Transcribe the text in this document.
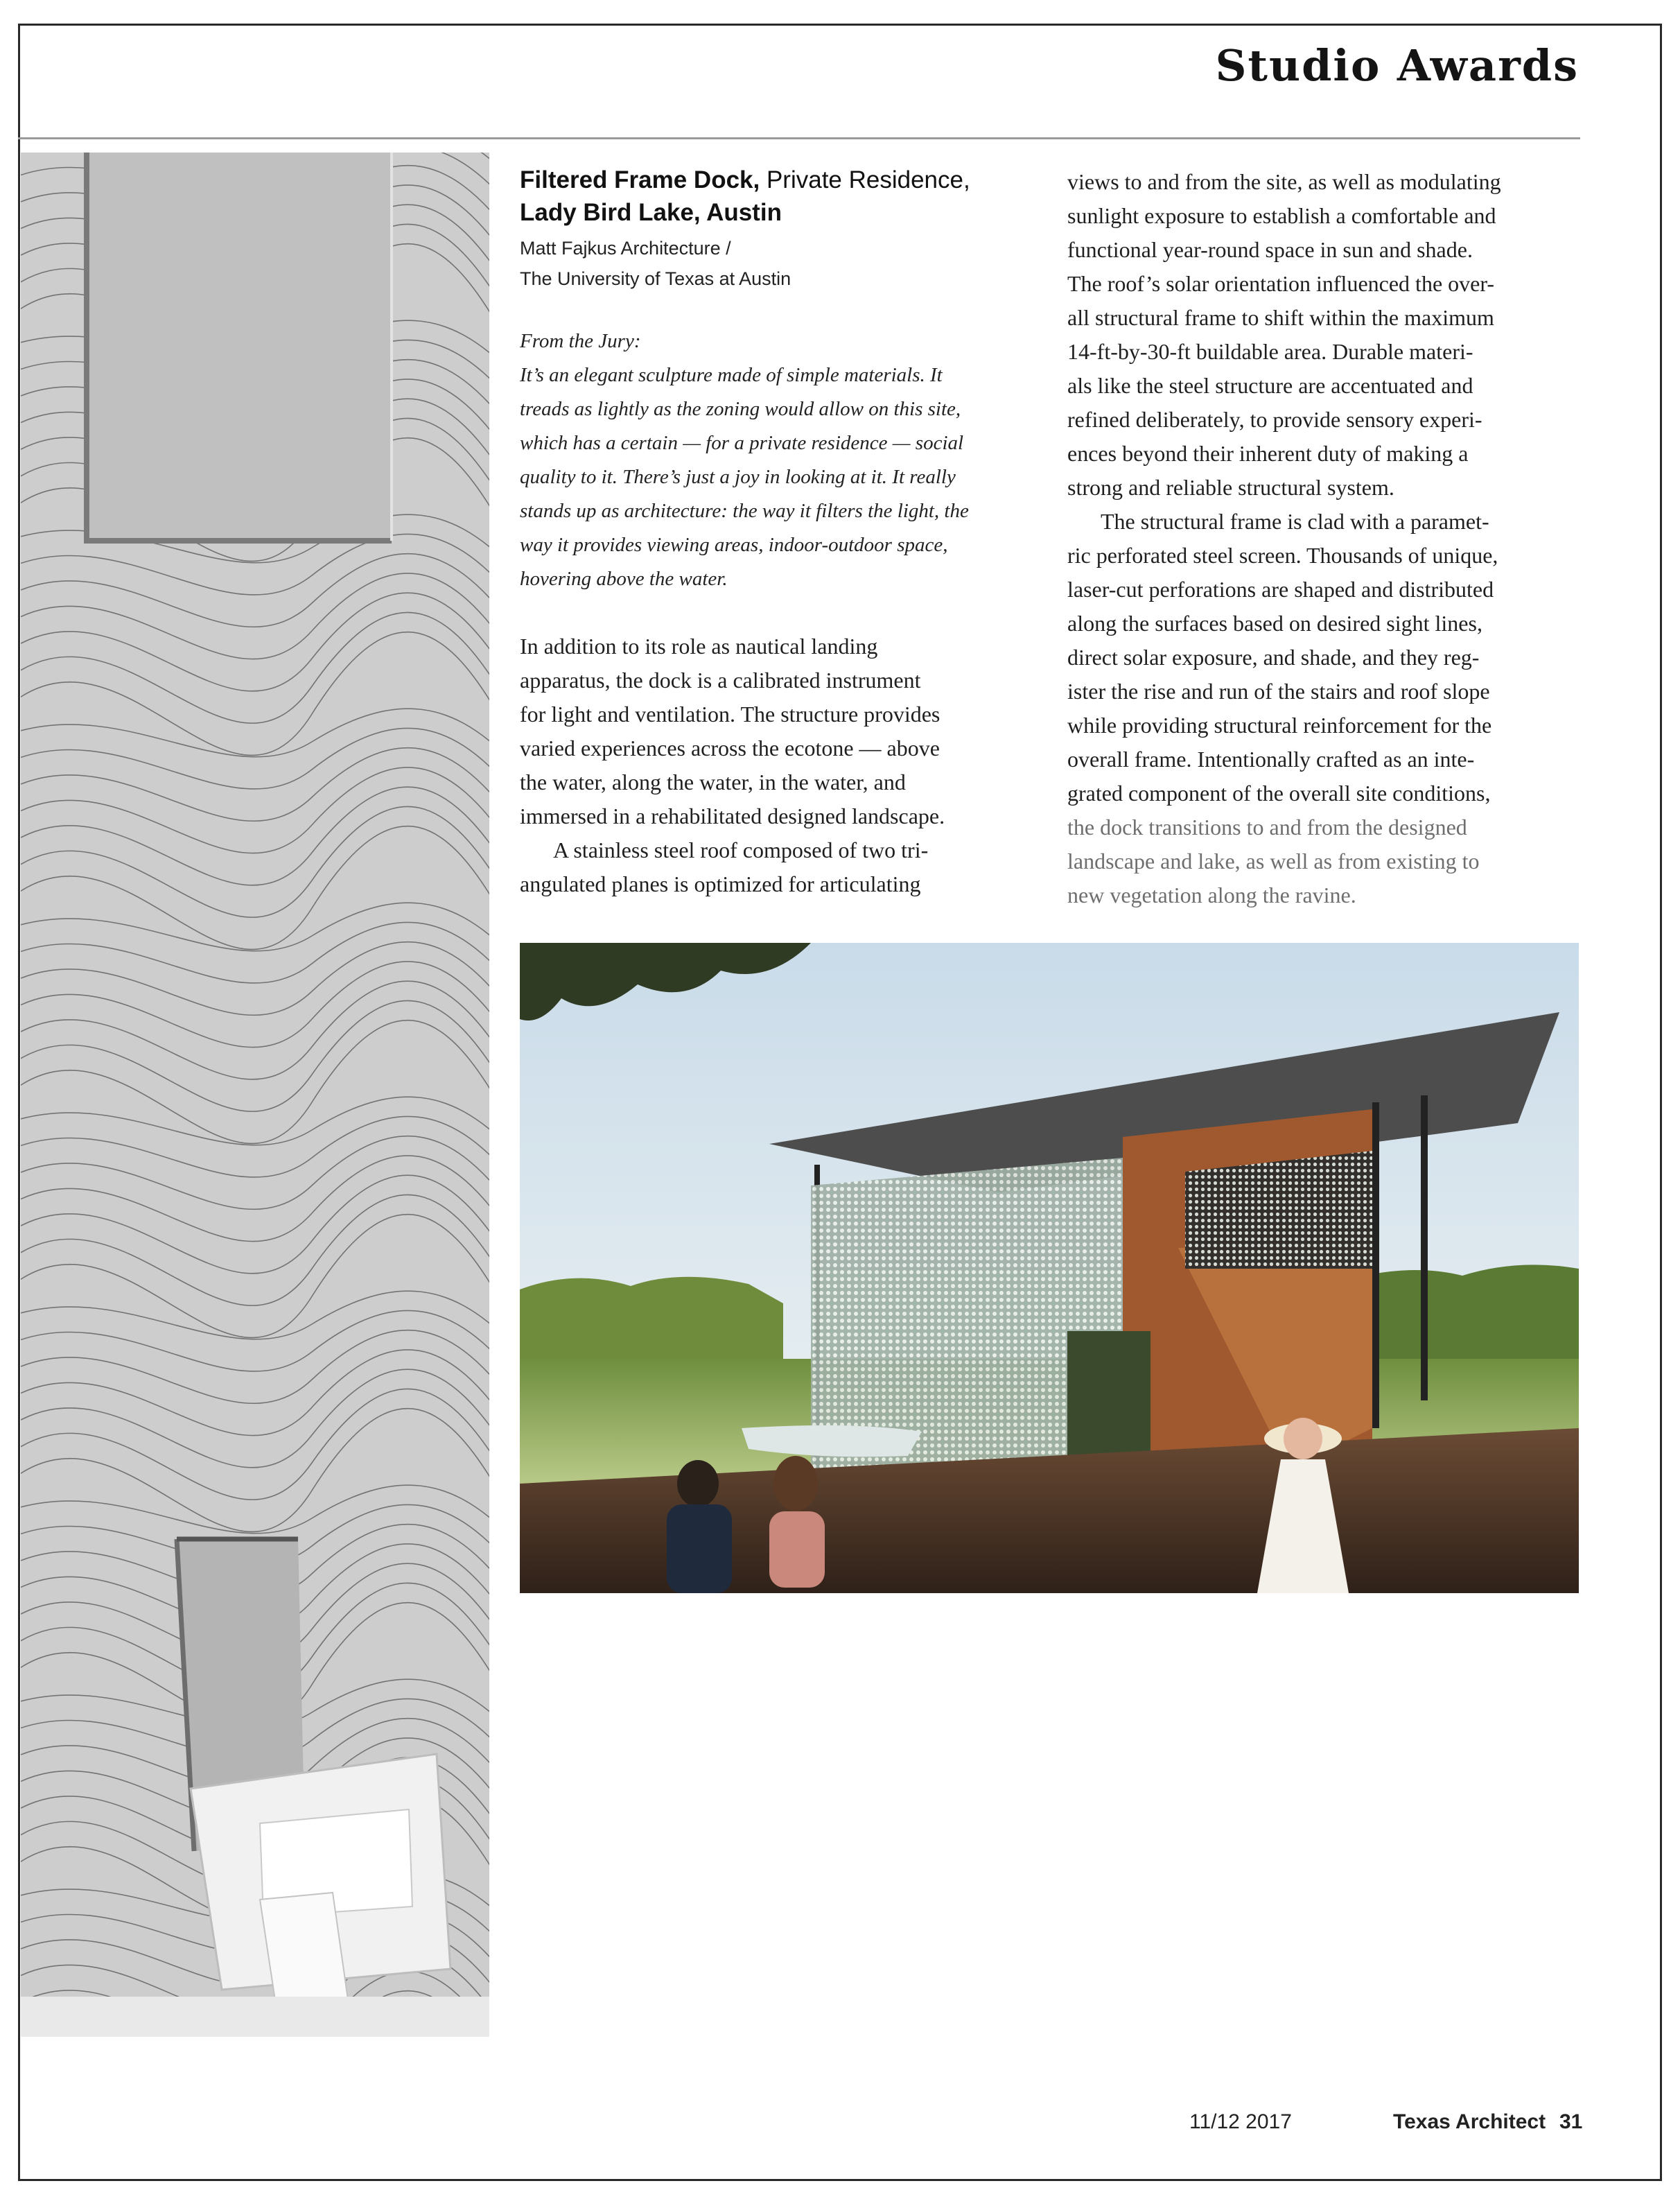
Studio Awards

Filtered Frame Dock, Private Residence,
Lady Bird Lake, Austin

Matt Fajkus Architecture /

The University of Texas at Austin

From the Jury:

It’s an elegant sculpture made of simple materials. It

treads as lightly as the zoning would allow on this site,

which has a certain — for a private residence — social

quality to it. There’s just a joy in looking at it. It really

stands up as architecture: the way it filters the light, the

way it provides viewing areas, indoor-outdoor space,

hovering above the water.

In addition to its role as nautical landing

apparatus, the dock is a calibrated instrument

for light and ventilation. The structure provides

varied experiences across the ecotone — above

the water, along the water, in the water, and

immersed in a rehabilitated designed landscape.

A stainless steel roof composed of two tri-

angulated planes is optimized for articulating

views to and from the site, as well as modulating

sunlight exposure to establish a comfortable and

functional year-round space in sun and shade.

The roof’s solar orientation influenced the over-

all structural frame to shift within the maximum

14-ft-by-30-ft buildable area. Durable materi-

als like the steel structure are accentuated and

refined deliberately, to provide sensory experi-

ences beyond their inherent duty of making a

strong and reliable structural system.

The structural frame is clad with a paramet-

ric perforated steel screen. Thousands of unique,

laser-cut perforations are shaped and distributed

along the surfaces based on desired sight lines,

direct solar exposure, and shade, and they reg-

ister the rise and run of the stairs and roof slope

while providing structural reinforcement for the

overall frame. Intentionally crafted as an inte-

grated component of the overall site conditions,

the dock transitions to and from the designed

landscape and lake, as well as from existing to

new vegetation along the ravine.

11/12 2017	Texas Architect 31
